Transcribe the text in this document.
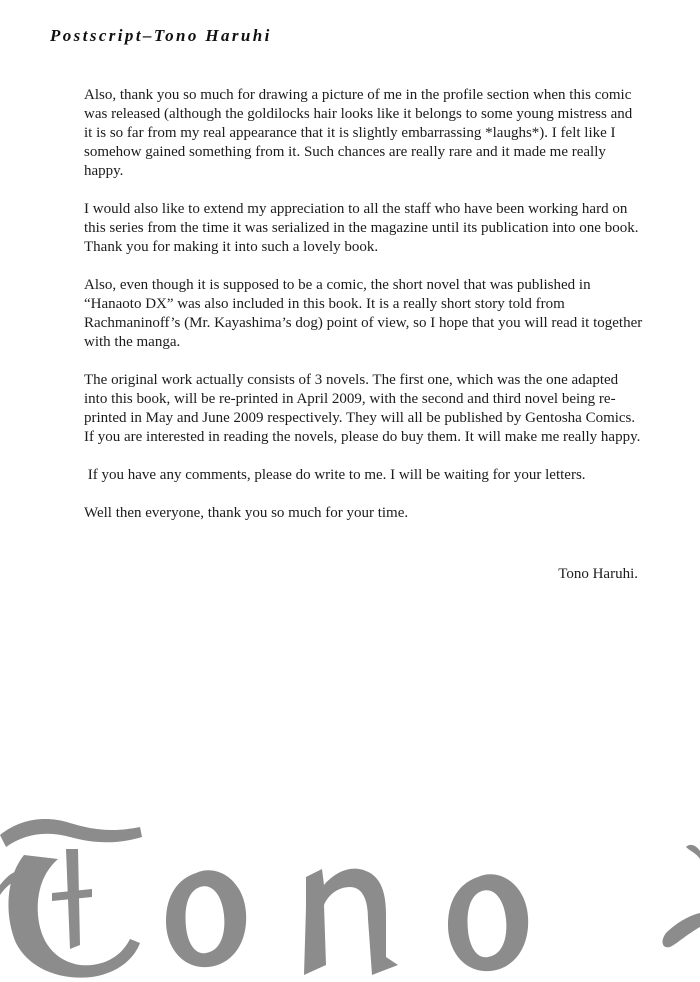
Postscript–Tono Haruhi

Also, thank you so much for drawing a picture of me in the profile section when this comic was released (although the goldilocks hair looks like it belongs to some young mistress and it is so far from my real appearance that it is slightly embarrassing *laughs*). I felt like I somehow gained something from it. Such chances are really rare and it made me really happy.

I would also like to extend my appreciation to all the staff who have been working hard on this series from the time it was serialized in the magazine until its publication into one book. Thank you for making it into such a lovely book.

Also, even though it is supposed to be a comic, the short novel that was published in “Hanaoto DX” was also included in this book. It is a really short story told from Rachmaninoff’s (Mr. Kayashima’s dog) point of view, so I hope that you will read it together with the manga.

The original work actually consists of 3 novels. The first one, which was the one adapted into this book, will be re-printed in April 2009, with the second and third novel being re-printed in May and June 2009 respectively. They will all be published by Gentosha Comics. If you are interested in reading the novels, please do buy them. It will make me really happy.

If you have any comments, please do write to me. I will be waiting for your letters.

Well then everyone, thank you so much for your time.

Tono Haruhi.
